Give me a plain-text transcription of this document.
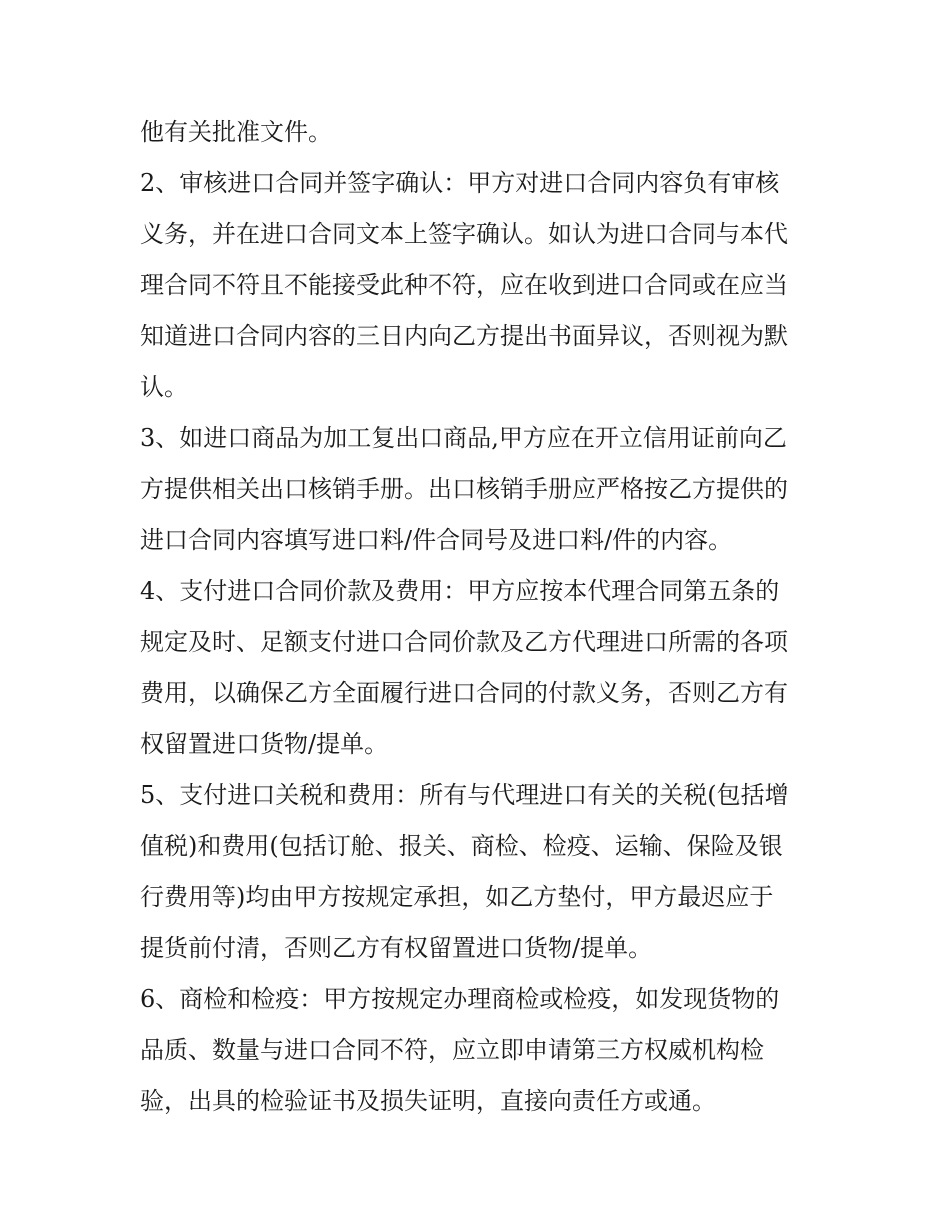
他有关批准文件。
2、审核进口合同并签字确认：甲方对进口合同内容负有审核
义务，并在进口合同文本上签字确认。如认为进口合同与本代
理合同不符且不能接受此种不符，应在收到进口合同或在应当
知道进口合同内容的三日内向乙方提出书面异议，否则视为默
认。
3、如进口商品为加工复出口商品,甲方应在开立信用证前向乙
方提供相关出口核销手册。出口核销手册应严格按乙方提供的
进口合同内容填写进口料/件合同号及进口料/件的内容。
4、支付进口合同价款及费用：甲方应按本代理合同第五条的
规定及时、足额支付进口合同价款及乙方代理进口所需的各项
费用，以确保乙方全面履行进口合同的付款义务，否则乙方有
权留置进口货物/提单。
5、支付进口关税和费用：所有与代理进口有关的关税(包括增
值税)和费用(包括订舱、报关、商检、检疫、运输、保险及银
行费用等)均由甲方按规定承担，如乙方垫付，甲方最迟应于
提货前付清，否则乙方有权留置进口货物/提单。
6、商检和检疫：甲方按规定办理商检或检疫，如发现货物的
品质、数量与进口合同不符，应立即申请第三方权威机构检
验，出具的检验证书及损失证明，直接向责任方或通。
